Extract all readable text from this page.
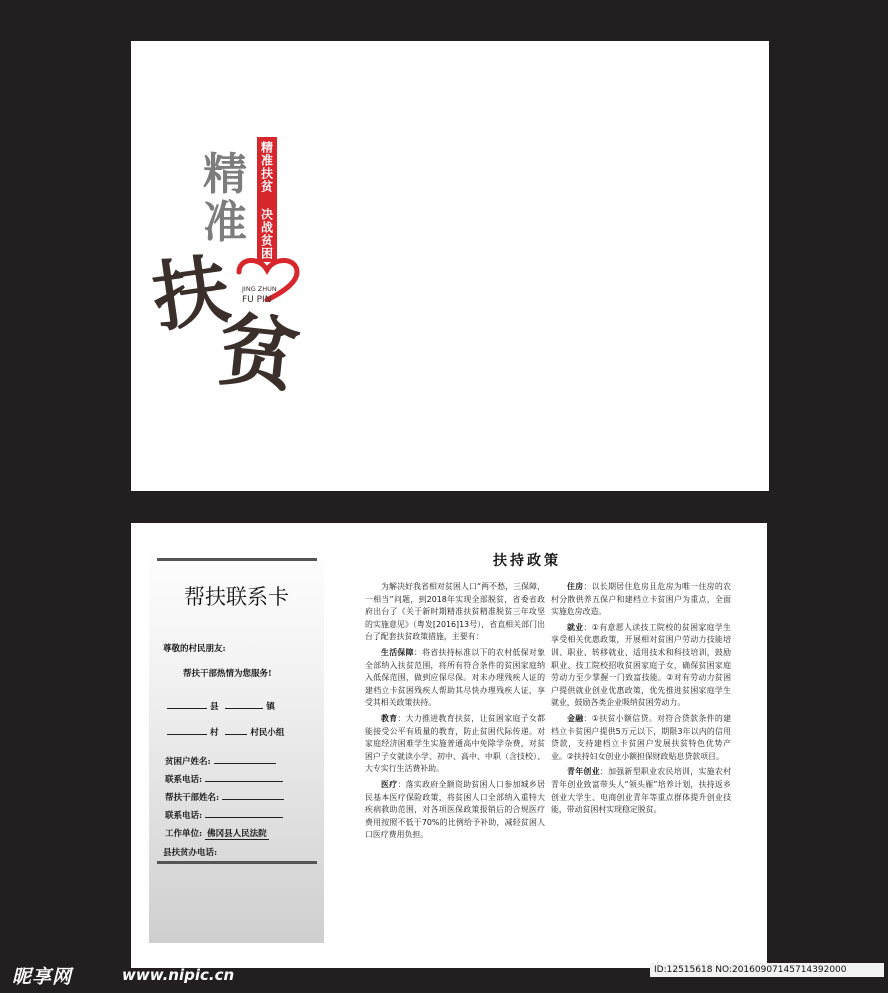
精
准 精准扶贫 决战贫困
JING ZHUN
FU PIN
扶
贫
帮扶联系卡
尊敬的村民朋友:
帮扶干部热情为您服务!
县	镇
村	村民小组
贫困户姓名:
联系电话:
帮扶干部姓名:
联系电话:
工作单位: 佛冈县人民法院
县扶贫办电话:
扶持政策

为解决好我省相对贫困人口“两不愁，三保障，一相当”问题，到2018年实现全部脱贫，省委省政府出台了《关于新时期精准扶贫精准脱贫三年攻坚的实施意见》（粤发[2016]13号），省直相关部门出台了配套扶贫政策措施，主要有：

生活保障：将省扶持标准以下的农村低保对象全部纳入扶贫范围，将所有符合条件的贫困家庭纳入低保范围，做到应保尽保。对未办理残疾人证的建档立卡贫困残疾人帮助其尽快办理残疾人证，享受其相关政策扶持。

教育：大力推进教育扶贫，让贫困家庭子女都能接受公平有质量的教育，防止贫困代际传递。对家庭经济困难学生实施普通高中免除学杂费，对贫困户子女就读小学、初中、高中、中职（含技校）、大专实行生活费补助。

医疗：落实政府全额资助贫困人口参加城乡居民基本医疗保险政策，将贫困人口全部纳入重特大疾病救助范围，对各项医保政策报销后的合规医疗费用按照不低于70%的比例给予补助，减轻贫困人口医疗费用负担。

住房：以长期居住危房且危房为唯一住房的农村分散供养五保户和建档立卡贫困户为重点，全面实施危房改造。

就业：①有意愿人读技工院校的贫困家庭学生享受相关优惠政策，开展相对贫困户劳动力技能培训、职业、转移就业、适用技术和科技培训，鼓励职业、技工院校招收贫困家庭子女，确保贫困家庭劳动力至少掌握一门致富技能。②对有劳动力贫困户提供就业创业优惠政策，优先推进贫困家庭学生就业，鼓励各类企业吸纳贫困劳动力。

金融：①扶贫小额信贷。对符合贷款条件的建档立卡贫困户提供5万元以下，期限3年以内的信用贷款，支持建档立卡贫困户发展扶贫特色优势产业。②扶持妇女创业小额担保财政贴息贷款项目。

青年创业：加强新型职业农民培训，实施农村青年创业致富带头人“领头雁”培养计划，扶持返乡创业大学生、电商创业青年等重点群体提升创业技能，带动贫困村实现稳定脱贫。

昵享网	www.nipic.cn	ID:12515618 NO:20160907145714392000
